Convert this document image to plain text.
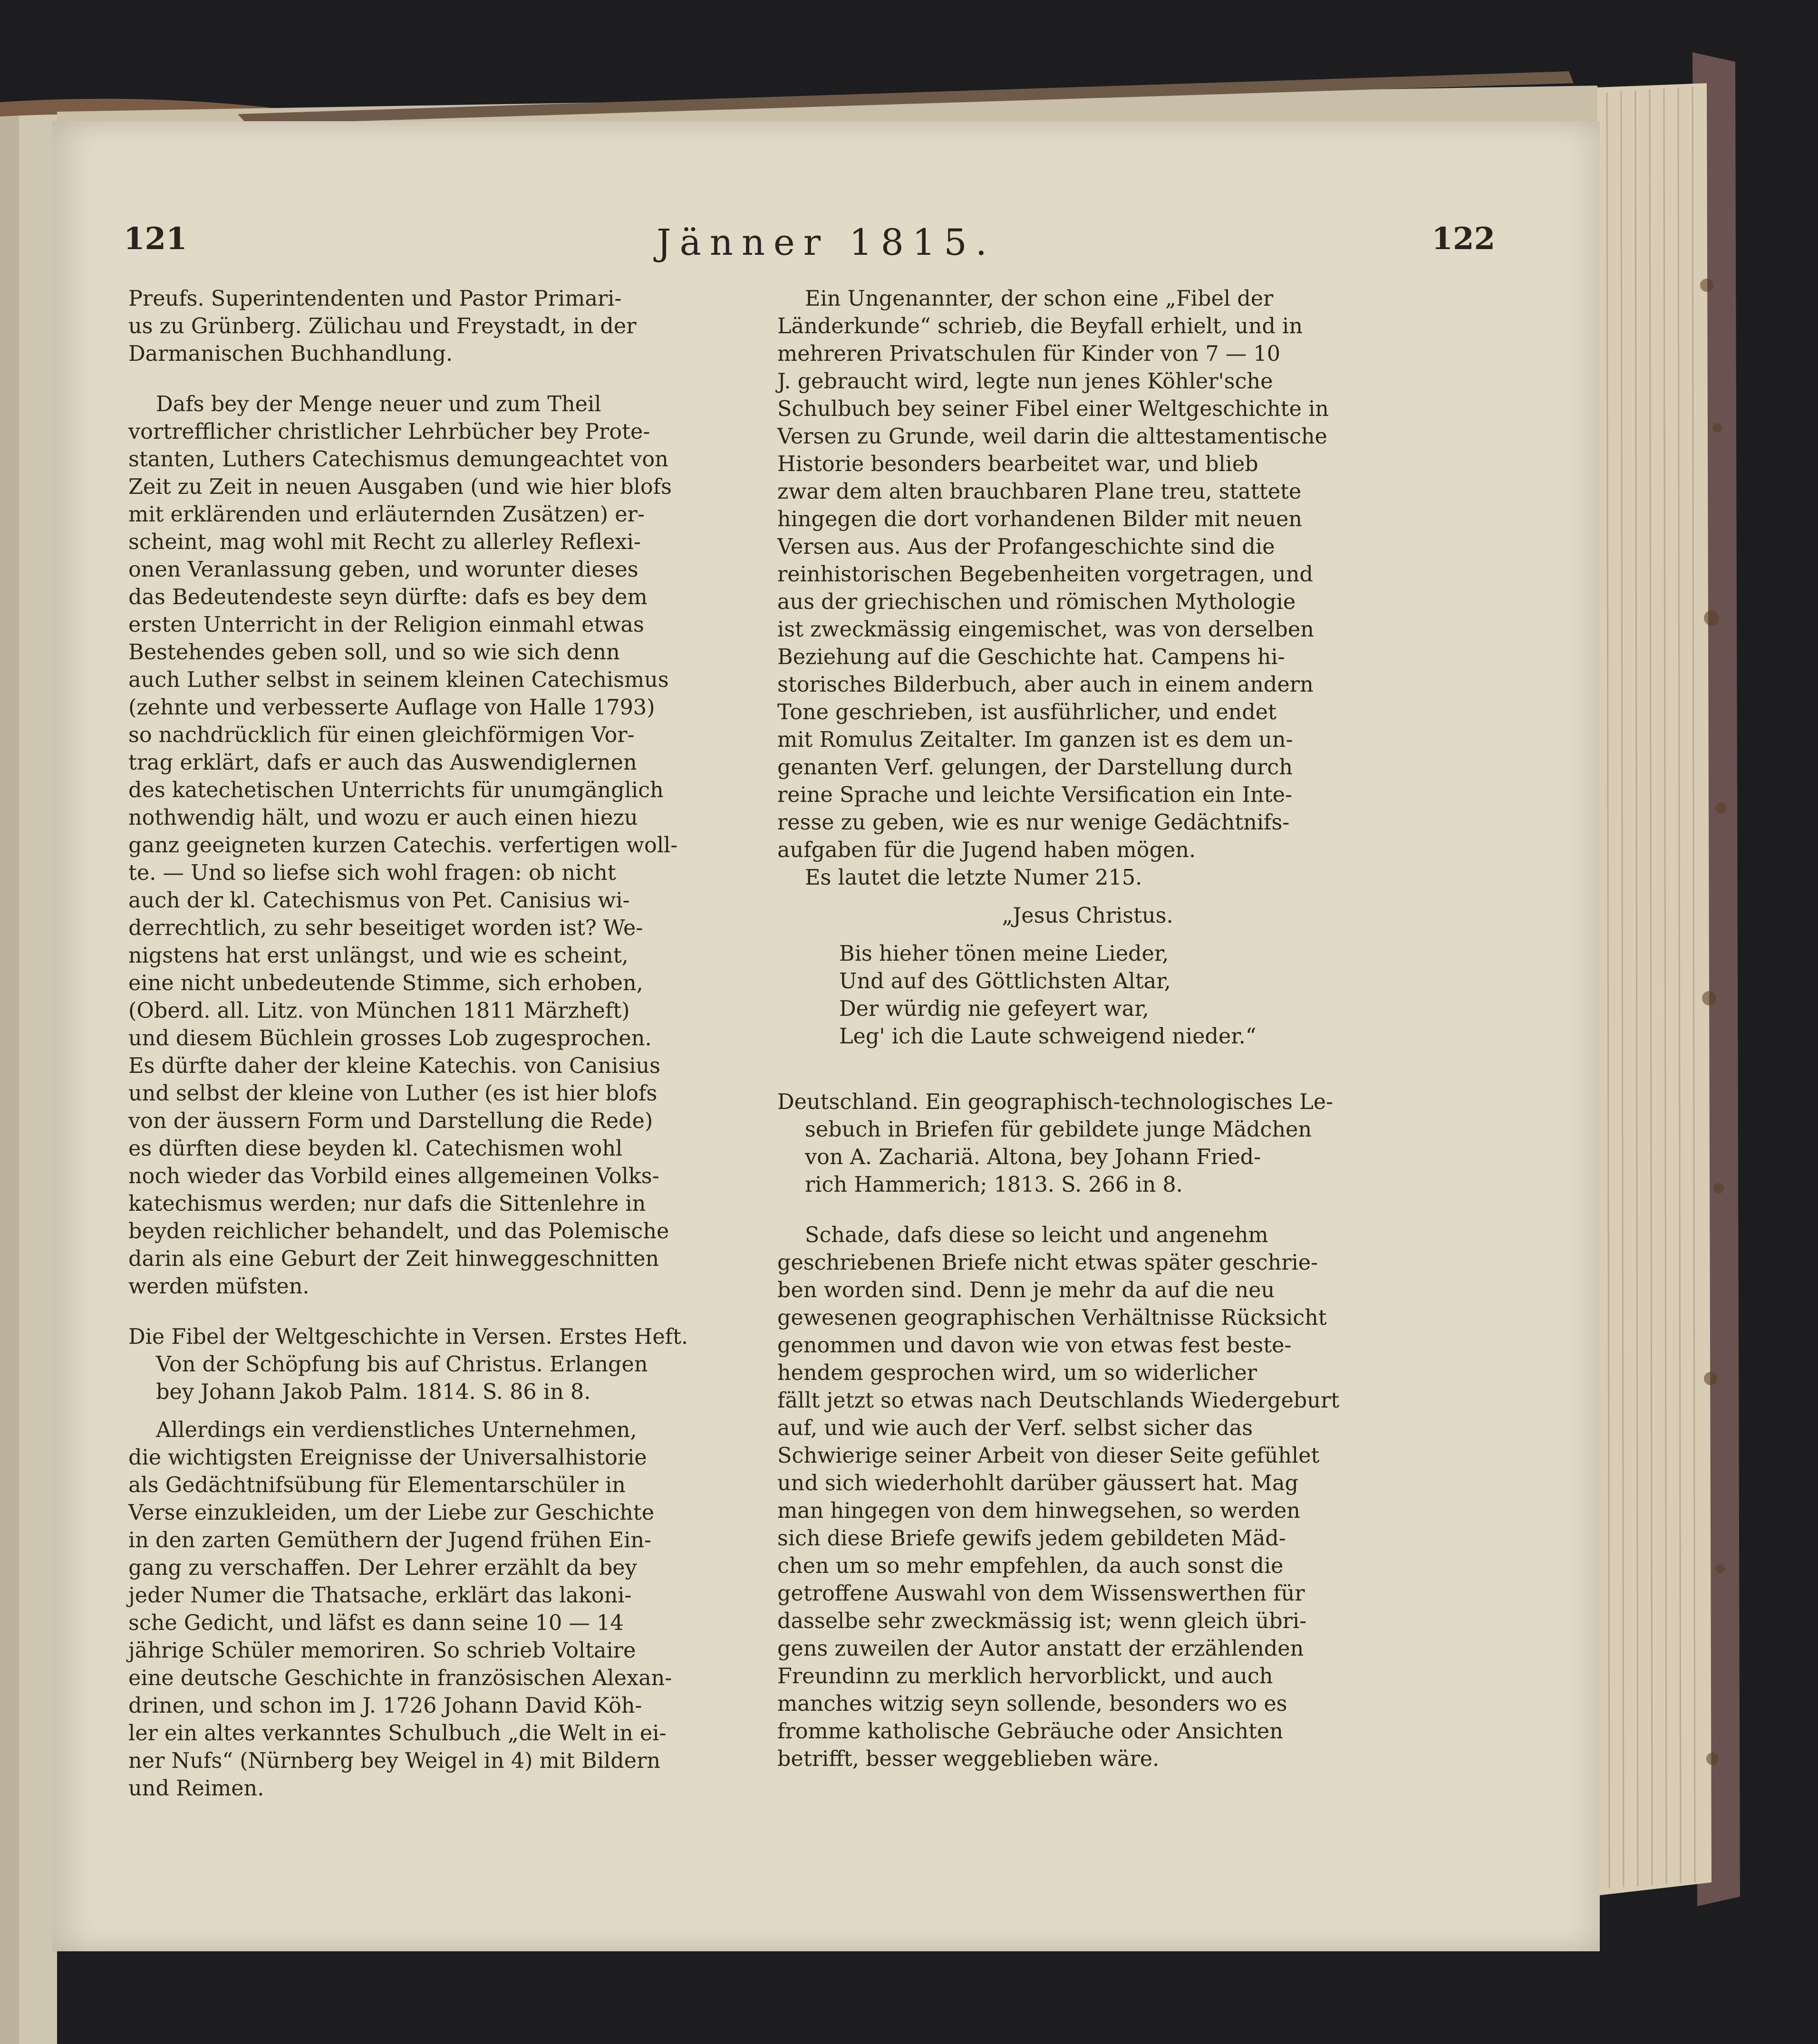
121	Jänner 1815.	122

Preufs. Superintendenten und Pastor Primari-

us zu Grünberg. Zülichau und Freystadt, in der

Darmanischen Buchhandlung.

Dafs bey der Menge neuer und zum Theil

vortrefflicher christlicher Lehrbücher bey Prote-

stanten, Luthers Catechismus demungeachtet von

Zeit zu Zeit in neuen Ausgaben (und wie hier blofs

mit erklärenden und erläuternden Zusätzen) er-

scheint, mag wohl mit Recht zu allerley Reflexi-

onen Veranlassung geben, und worunter dieses

das Bedeutendeste seyn dürfte: dafs es bey dem

ersten Unterricht in der Religion einmahl etwas

Bestehendes geben soll, und so wie sich denn

auch Luther selbst in seinem kleinen Catechismus

(zehnte und verbesserte Auflage von Halle 1793)

so nachdrücklich für einen gleichförmigen Vor-

trag erklärt, dafs er auch das Auswendiglernen

des katechetischen Unterrichts für unumgänglich

nothwendig hält, und wozu er auch einen hiezu

ganz geeigneten kurzen Catechis. verfertigen woll-

te. — Und so liefse sich wohl fragen: ob nicht

auch der kl. Catechismus von Pet. Canisius wi-

derrechtlich, zu sehr beseitiget worden ist? We-

nigstens hat erst unlängst, und wie es scheint,

eine nicht unbedeutende Stimme, sich erhoben,

(Oberd. all. Litz. von München 1811 Märzheft)

und diesem Büchlein grosses Lob zugesprochen.

Es dürfte daher der kleine Katechis. von Canisius

und selbst der kleine von Luther (es ist hier blofs

von der äussern Form und Darstellung die Rede)

es dürften diese beyden kl. Catechismen wohl

noch wieder das Vorbild eines allgemeinen Volks-

katechismus werden; nur dafs die Sittenlehre in

beyden reichlicher behandelt, und das Polemische

darin als eine Geburt der Zeit hinweggeschnitten

werden müfsten.

Die Fibel der Weltgeschichte in Versen. Erstes Heft.

Von der Schöpfung bis auf Christus. Erlangen

bey Johann Jakob Palm. 1814. S. 86 in 8.

Allerdings ein verdienstliches Unternehmen,

die wichtigsten Ereignisse der Universalhistorie

als Gedächtnifsübung für Elementarschüler in

Verse einzukleiden, um der Liebe zur Geschichte

in den zarten Gemüthern der Jugend frühen Ein-

gang zu verschaffen. Der Lehrer erzählt da bey

jeder Numer die Thatsache, erklärt das lakoni-

sche Gedicht, und läfst es dann seine 10 — 14

jährige Schüler memoriren. So schrieb Voltaire

eine deutsche Geschichte in französischen Alexan-

drinen, und schon im J. 1726 Johann David Köh-

ler ein altes verkanntes Schulbuch „die Welt in ei-

ner Nufs“ (Nürnberg bey Weigel in 4) mit Bildern

und Reimen.

Ein Ungenannter, der schon eine „Fibel der

Länderkunde“ schrieb, die Beyfall erhielt, und in

mehreren Privatschulen für Kinder von 7 — 10

J. gebraucht wird, legte nun jenes Köhler'sche

Schulbuch bey seiner Fibel einer Weltgeschichte in

Versen zu Grunde, weil darin die alttestamentische

Historie besonders bearbeitet war, und blieb

zwar dem alten brauchbaren Plane treu, stattete

hingegen die dort vorhandenen Bilder mit neuen

Versen aus. Aus der Profangeschichte sind die

reinhistorischen Begebenheiten vorgetragen, und

aus der griechischen und römischen Mythologie

ist zweckmässig eingemischet, was von derselben

Beziehung auf die Geschichte hat. Campens hi-

storisches Bilderbuch, aber auch in einem andern

Tone geschrieben, ist ausführlicher, und endet

mit Romulus Zeitalter. Im ganzen ist es dem un-

genanten Verf. gelungen, der Darstellung durch

reine Sprache und leichte Versification ein Inte-

resse zu geben, wie es nur wenige Gedächtnifs-

aufgaben für die Jugend haben mögen.

Es lautet die letzte Numer 215.

„Jesus Christus.

Bis hieher tönen meine Lieder,
Und auf des Göttlichsten Altar,
Der würdig nie gefeyert war,
Leg' ich die Laute schweigend nieder.“

Deutschland. Ein geographisch-technologisches Le-

sebuch in Briefen für gebildete junge Mädchen

von A. Zachariä. Altona, bey Johann Fried-

rich Hammerich; 1813. S. 266 in 8.

Schade, dafs diese so leicht und angenehm

geschriebenen Briefe nicht etwas später geschrie-

ben worden sind. Denn je mehr da auf die neu

gewesenen geographischen Verhältnisse Rücksicht

genommen und davon wie von etwas fest beste-

hendem gesprochen wird, um so widerlicher

fällt jetzt so etwas nach Deutschlands Wiedergeburt

auf, und wie auch der Verf. selbst sicher das

Schwierige seiner Arbeit von dieser Seite gefühlet

und sich wiederhohlt darüber gäussert hat. Mag

man hingegen von dem hinwegsehen, so werden

sich diese Briefe gewifs jedem gebildeten Mäd-

chen um so mehr empfehlen, da auch sonst die

getroffene Auswahl von dem Wissenswerthen für

dasselbe sehr zweckmässig ist; wenn gleich übri-

gens zuweilen der Autor anstatt der erzählenden

Freundinn zu merklich hervorblickt, und auch

manches witzig seyn sollende, besonders wo es

fromme katholische Gebräuche oder Ansichten

betrifft, besser weggeblieben wäre.
